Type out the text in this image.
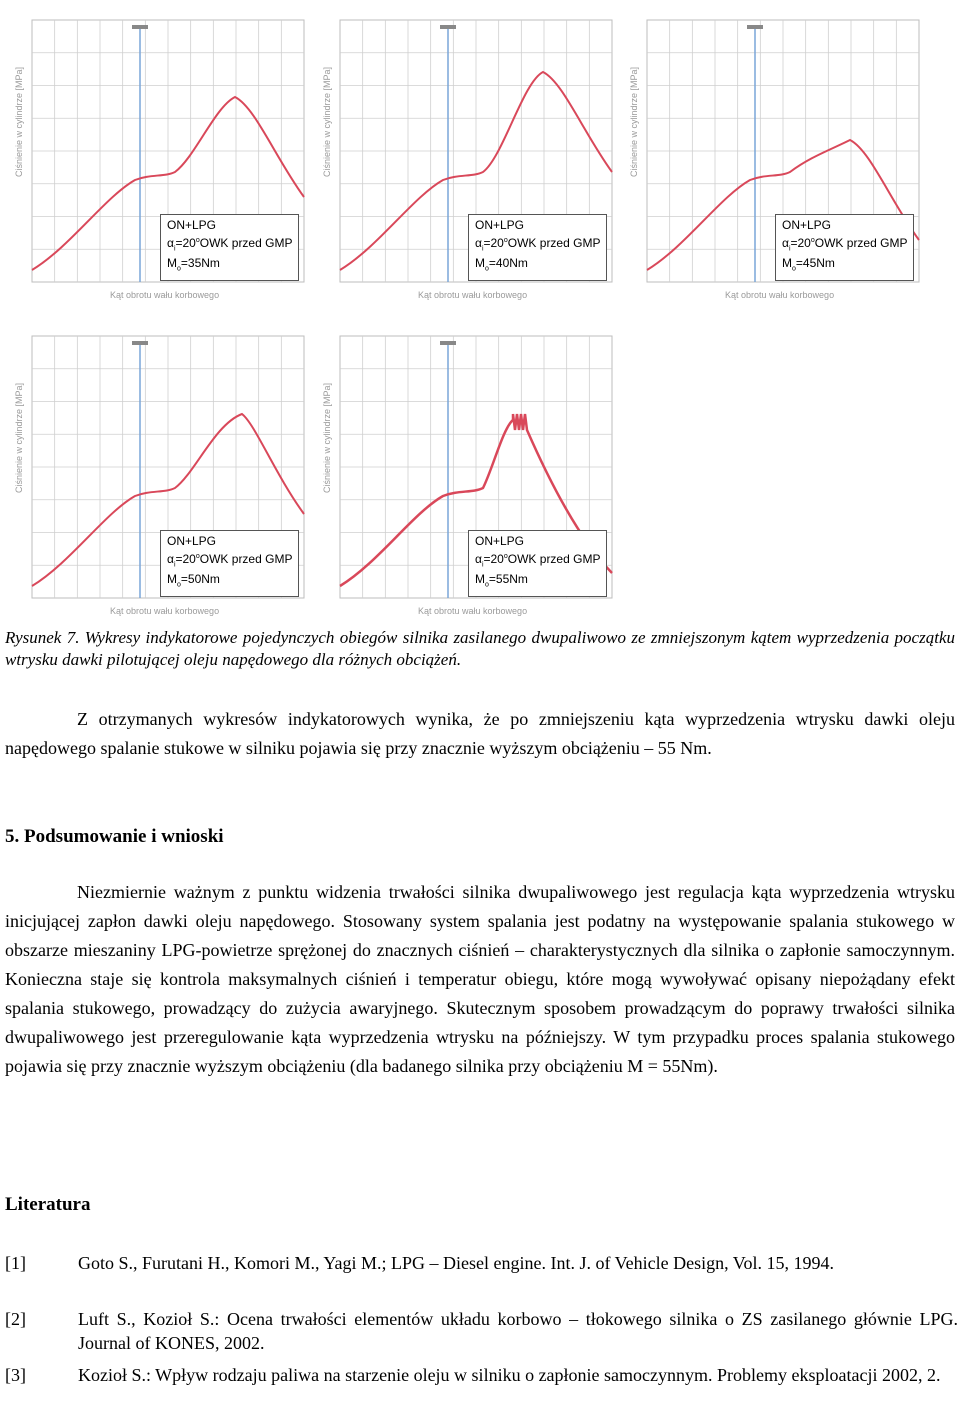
Ciśnienie w cylindrze [MPa]
Kąt obrotu wału korbowego
ON+LPG
$\alpha_i=20^oOWK$ przed GMP
$M_o=35Nm$
Ciśnienie w cylindrze [MPa]
Kąt obrotu wału korbowego
ON+LPG
$\alpha_i=20^oOWK$ przed GMP
$M_o=40Nm$
Ciśnienie w cylindrze [MPa]
Kąt obrotu wału korbowego
ON+LPG
$\alpha_i=20^oOWK$ przed GMP
$M_o=45Nm$
Ciśnienie w cylindrze [MPa]
Kąt obrotu wału korbowego
ON+LPG
$\alpha_i=20^oOWK$ przed GMP
$M_o=50Nm$
Ciśnienie w cylindrze [MPa]
Kąt obrotu wału korbowego
ON+LPG
$\alpha_i=20^oOWK$ przed GMP
$M_o=55Nm$
Rysunek 7. Wykresy indykatorowe pojedynczych obiegów silnika zasilanego dwupaliwowo ze zmniejszonym kątem wyprzedzenia początku wtrysku dawki pilotującej oleju napędowego dla różnych obciążeń.
Z otrzymanych wykresów indykatorowych wynika, że po zmniejszeniu kąta wyprzedzenia wtrysku dawki oleju napędowego spalanie stukowe w silniku pojawia się przy znacznie wyższym obciążeniu – 55 Nm.
5. Podsumowanie i wnioski
Niezmiernie ważnym z punktu widzenia trwałości silnika dwupaliwowego jest regulacja kąta wyprzedzenia wtrysku inicjującej zapłon dawki oleju napędowego. Stosowany system spalania jest podatny na występowanie spalania stukowego w obszarze mieszaniny LPG-powietrze sprężonej do znacznych ciśnień – charakterystycznych dla silnika o zapłonie samoczynnym. Konieczna staje się kontrola maksymalnych ciśnień i temperatur obiegu, które mogą wywoływać opisany niepożądany efekt spalania stukowego, prowadzący do zużycia awaryjnego. Skutecznym sposobem prowadzącym do poprawy trwałości silnika dwupaliwowego jest przeregulowanie kąta wyprzedzenia wtrysku na późniejszy. W tym przypadku proces spalania stukowego pojawia się przy znacznie wyższym obciążeniu (dla badanego silnika przy obciążeniu M = 55Nm).
Literatura
[1]	Goto S., Furutani H., Komori M., Yagi M.; LPG – Diesel engine. Int. J. of Vehicle Design, Vol. 15, 1994.
[2]	Luft S., Kozioł S.: Ocena trwałości elementów układu korbowo – tłokowego silnika o ZS zasilanego głównie LPG. Journal of KONES, 2002.
[3]	Kozioł S.: Wpływ rodzaju paliwa na starzenie oleju w silniku o zapłonie samoczynnym. Problemy eksploatacji 2002, 2.
